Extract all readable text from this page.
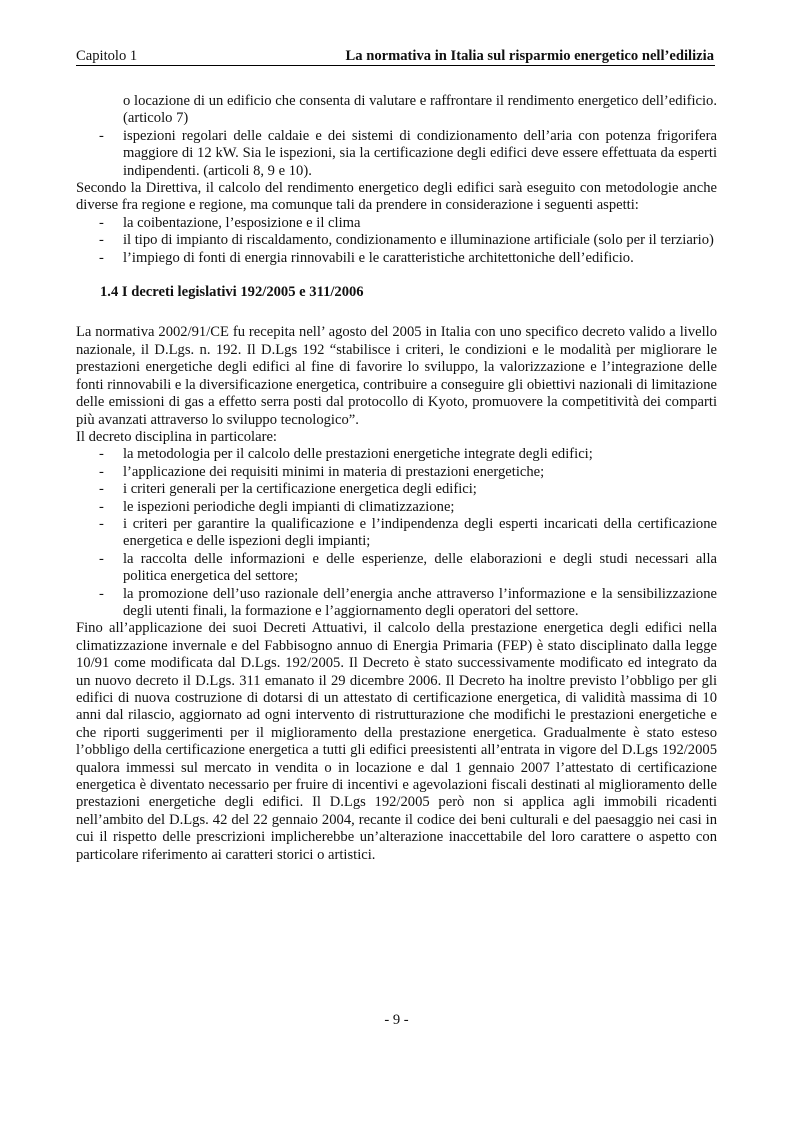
Capitolo 1	La normativa in Italia sul risparmio energetico nell’edilizia
o locazione di un edificio che consenta di valutare e raffrontare il rendimento energetico dell’edificio. (articolo 7)
- ispezioni regolari delle caldaie e dei sistemi di condizionamento dell’aria con potenza frigorifera maggiore di 12 kW. Sia le ispezioni, sia la certificazione degli edifici deve essere effettuata da esperti indipendenti. (articoli 8, 9 e 10).

Secondo la Direttiva, il calcolo del rendimento energetico degli edifici sarà eseguito con metodologie anche diverse fra regione e regione, ma comunque tali da prendere in considerazione i seguenti aspetti:

- la coibentazione, l’esposizione e il clima
- il tipo di impianto di riscaldamento, condizionamento e illuminazione artificiale (solo per il terziario)
- l’impiego di fonti di energia rinnovabili e le caratteristiche architettoniche dell’edificio.
1.4 I decreti legislativi 192/2005 e 311/2006

La normativa 2002/91/CE fu recepita nell’ agosto del 2005 in Italia con uno specifico decreto valido a livello nazionale, il D.Lgs. n. 192. Il D.Lgs 192 “stabilisce i criteri, le condizioni e le modalità per migliorare le prestazioni energetiche degli edifici al fine di favorire lo sviluppo, la valorizzazione e l’integrazione delle fonti rinnovabili e la diversificazione energetica, contribuire a conseguire gli obiettivi nazionali di limitazione delle emissioni di gas a effetto serra posti dal protocollo di Kyoto, promuovere la competitività dei comparti più avanzati attraverso lo sviluppo tecnologico”.

Il decreto disciplina in particolare:

- la metodologia per il calcolo delle prestazioni energetiche integrate degli edifici;
- l’applicazione dei requisiti minimi in materia di prestazioni energetiche;
- i criteri generali per la certificazione energetica degli edifici;
- le ispezioni periodiche degli impianti di climatizzazione;
- i criteri per garantire la qualificazione e l’indipendenza degli esperti incaricati della certificazione energetica e delle ispezioni degli impianti;
- la raccolta delle informazioni e delle esperienze, delle elaborazioni e degli studi necessari alla politica energetica del settore;
- la promozione dell’uso razionale dell’energia anche attraverso l’informazione e la sensibilizzazione degli utenti finali, la formazione e l’aggiornamento degli operatori del settore.

Fino all’applicazione dei suoi Decreti Attuativi, il calcolo della prestazione energetica degli edifici nella climatizzazione invernale e del Fabbisogno annuo di Energia Primaria (FEP) è stato disciplinato dalla legge 10/91 come modificata dal D.Lgs. 192/2005. Il Decreto è stato successivamente modificato ed integrato da un nuovo decreto il D.Lgs. 311 emanato il 29 dicembre 2006. Il Decreto ha inoltre previsto l’obbligo per gli edifici di nuova costruzione di dotarsi di un attestato di certificazione energetica, di validità massima di 10 anni dal rilascio, aggiornato ad ogni intervento di ristrutturazione che modifichi le prestazioni energetiche e che riporti suggerimenti per il miglioramento della prestazione energetica. Gradualmente è stato esteso l’obbligo della certificazione energetica a tutti gli edifici preesistenti all’entrata in vigore del D.Lgs 192/2005 qualora immessi sul mercato in vendita o in locazione e dal 1 gennaio 2007 l’attestato di certificazione energetica è diventato necessario per fruire di incentivi e agevolazioni fiscali destinati al miglioramento delle prestazioni energetiche degli edifici. Il D.Lgs 192/2005 però non si applica agli immobili ricadenti nell’ambito del D.Lgs. 42 del 22 gennaio 2004, recante il codice dei beni culturali e del paesaggio nei casi in cui il rispetto delle prescrizioni implicherebbe un’alterazione inaccettabile del loro carattere o aspetto con particolare riferimento ai caratteri storici o artistici.

- 9 -
